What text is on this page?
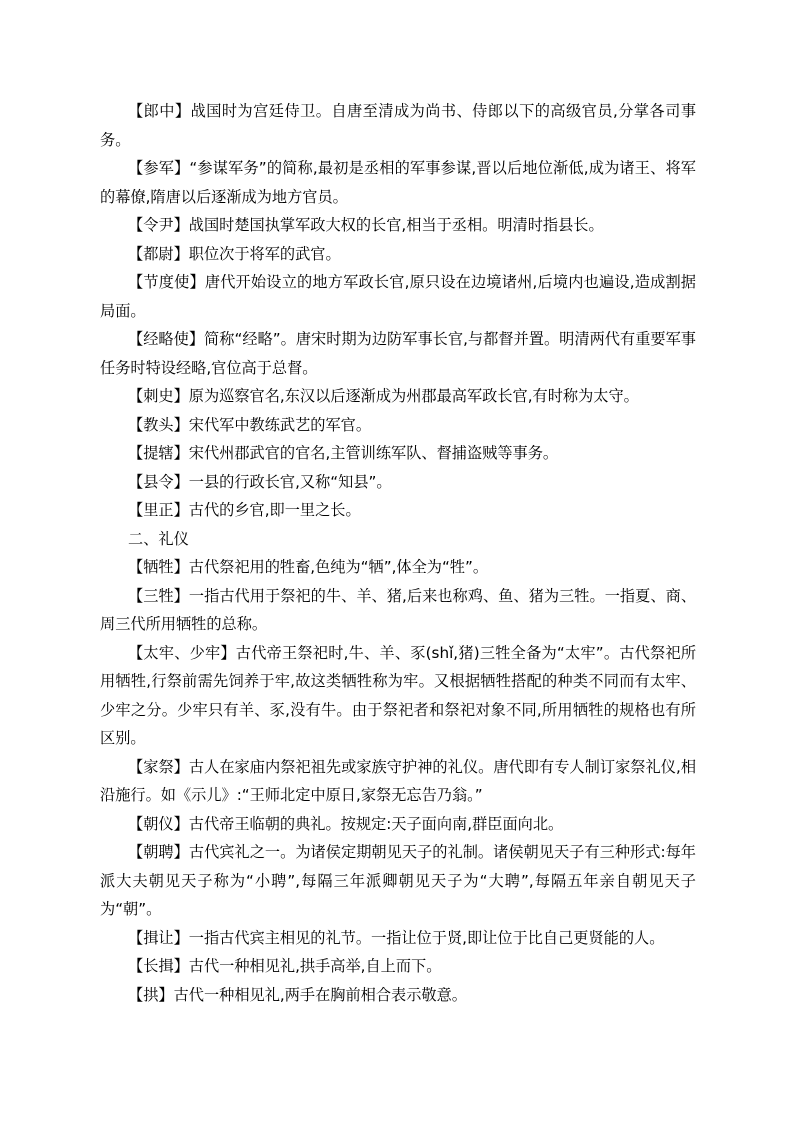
【郎中】战国时为宫廷侍卫。自唐至清成为尚书、侍郎以下的高级官员,分掌各司事务。

【参军】“参谋军务”的简称,最初是丞相的军事参谋,晋以后地位渐低,成为诸王、将军的幕僚,隋唐以后逐渐成为地方官员。

【令尹】战国时楚国执掌军政大权的长官,相当于丞相。明清时指县长。

【都尉】职位次于将军的武官。

【节度使】唐代开始设立的地方军政长官,原只设在边境诸州,后境内也遍设,造成割据局面。

【经略使】简称“经略”。唐宋时期为边防军事长官,与都督并置。明清两代有重要军事任务时特设经略,官位高于总督。

【刺史】原为巡察官名,东汉以后逐渐成为州郡最高军政长官,有时称为太守。

【教头】宋代军中教练武艺的军官。

【提辖】宋代州郡武官的官名,主管训练军队、督捕盗贼等事务。

【县令】一县的行政长官,又称“知县”。

【里正】古代的乡官,即一里之长。

二、礼仪

【牺牲】古代祭祀用的牲畜,色纯为“牺”,体全为“牲”。

【三牲】一指古代用于祭祀的牛、羊、猪,后来也称鸡、鱼、猪为三牲。一指夏、商、周三代所用牺牲的总称。

【太牢、少牢】古代帝王祭祀时,牛、羊、豕(shǐ,猪)三牲全备为“太牢”。古代祭祀所用牺牲,行祭前需先饲养于牢,故这类牺牲称为牢。又根据牺牲搭配的种类不同而有太牢、少牢之分。少牢只有羊、豕,没有牛。由于祭祀者和祭祀对象不同,所用牺牲的规格也有所区别。

【家祭】古人在家庙内祭祀祖先或家族守护神的礼仪。唐代即有专人制订家祭礼仪,相沿施行。如《示儿》:“王师北定中原日,家祭无忘告乃翁。”

【朝仪】古代帝王临朝的典礼。按规定:天子面向南,群臣面向北。

【朝聘】古代宾礼之一。为诸侯定期朝见天子的礼制。诸侯朝见天子有三种形式:每年派大夫朝见天子称为“小聘”,每隔三年派卿朝见天子为“大聘”,每隔五年亲自朝见天子为“朝”。

【揖让】一指古代宾主相见的礼节。一指让位于贤,即让位于比自己更贤能的人。

【长揖】古代一种相见礼,拱手高举,自上而下。

【拱】古代一种相见礼,两手在胸前相合表示敬意。
